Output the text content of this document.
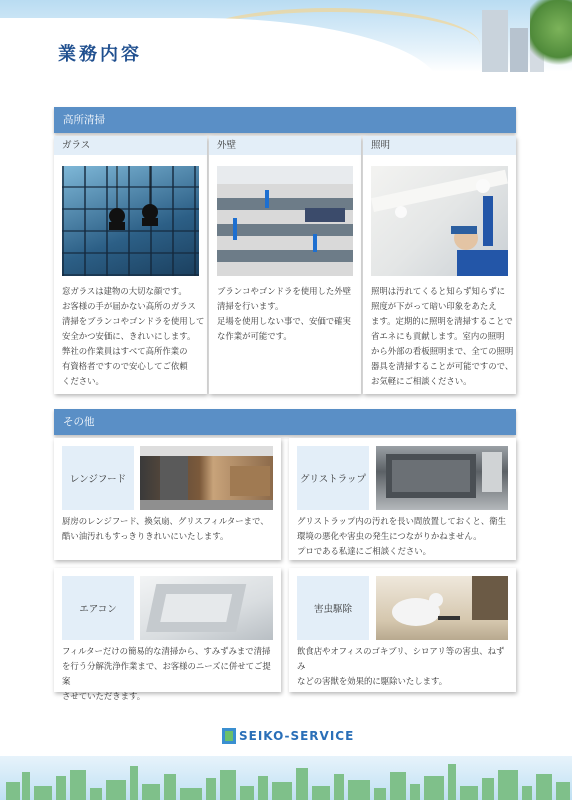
業務内容
高所清掃
ガラス	外壁	照明
窓ガラスは建物の大切な顔です。
お客様の手が届かない高所のガラス
清掃をブランコやゴンドラを使用して
安全かつ安価に、きれいにします。
弊社の作業員はすべて高所作業の
有資格者ですので安心してご依頼
ください。
ブランコやゴンドラを使用した外壁
清掃を行います。
足場を使用しない事で、安価で確実
な作業が可能です。
照明は汚れてくると知らず知らずに
照度が下がって暗い印象をあたえ
ます。定期的に照明を清掃することで
省エネにも貢献します。室内の照明
から外部の看板照明まで、全ての照明
器具を清掃することが可能ですので、
お気軽にご相談ください。
その他
レンジフード	グリストラップ
厨房のレンジフード、換気扇、グリスフィルターまで、
酷い油汚れもすっきりきれいにいたします。
グリストラップ内の汚れを長い間放置しておくと、衛生
環境の悪化や害虫の発生につながりかねません。
プロである私達にご相談ください。
エアコン	害虫駆除
フィルターだけの簡易的な清掃から、すみずみまで清掃
を行う分解洗浄作業まで、お客様のニーズに併せてご提案
させていただきます。
飲食店やオフィスのゴキブリ、シロアリ等の害虫、ねずみ
などの害獣を効果的に駆除いたします。
SEIKO-SERVICE
